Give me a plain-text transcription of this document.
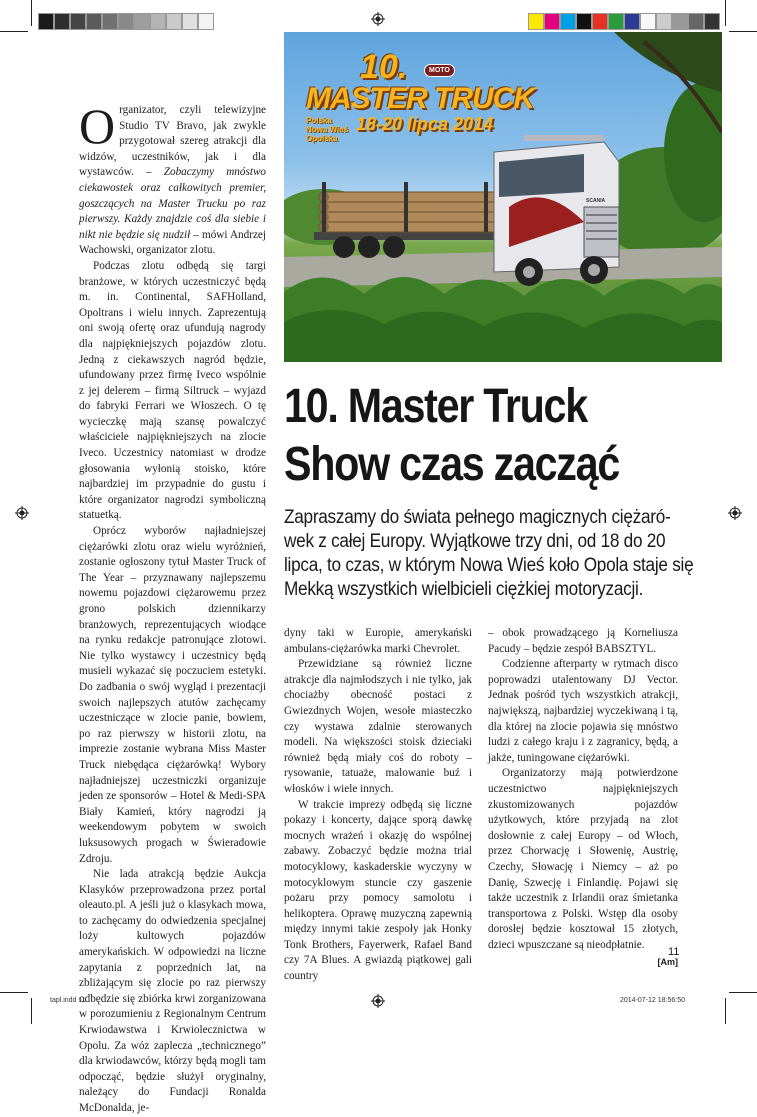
10.	MOTO
MASTER TRUCK
Polska Nowa Wieś Opolska
18-20 lipca 2014
SCANIA
10. Master Truck Show czas zacząć

Zapraszamy do świata pełnego magicznych ciężaró-wek z całej Europy. Wyjątkowe trzy dni, od 18 do 20 lipca, to czas, w którym Nowa Wieś koło Opola staje się Mekką wszystkich wielbicieli ciężkiej motoryzacji.

Organizator, czyli telewizyjne Studio TV Bravo, jak zwykle przygotował szereg atrakcji dla widzów, uczestników, jak i dla wystawców. – Zobaczymy mnóstwo ciekawostek oraz całkowitych premier, goszczących na Master Trucku po raz pierwszy. Każdy znajdzie coś dla siebie i nikt nie będzie się nudził – mówi Andrzej Wachowski, organizator zlotu.

Podczas zlotu odbędą się targi branżowe, w których uczestniczyć będą m. in. Continental, SAFHolland, Opoltrans i wielu innych. Zaprezentują oni swoją ofertę oraz ufundują nagrody dla najpiękniejszych pojazdów zlotu. Jedną z ciekawszych nagród będzie, ufundowany przez firmę Iveco wspólnie z jej delerem – firmą Siltruck – wyjazd do fabryki Ferrari we Włoszech. O tę wycieczkę mają szansę powalczyć właściciele najpiękniejszych na zlocie Iveco. Uczestnicy natomiast w drodze głosowania wyłonią stoisko, które najbardziej im przypadnie do gustu i które organizator nagrodzi symboliczną statuetką.

Oprócz wyborów najładniejszej ciężarówki zlotu oraz wielu wyróżnień, zostanie ogłoszony tytuł Master Truck of The Year – przyznawany najlepszemu nowemu pojazdowi ciężarowemu przez grono polskich dziennikarzy branżowych, reprezentujących wiodące na rynku redakcje patronujące zlotowi. Nie tylko wystawcy i uczestnicy będą musieli wykazać się poczuciem estetyki. Do zadbania o swój wygląd i prezentacji swoich najlepszych atutów zachęcamy uczestniczące w zlocie panie, bowiem, po raz pierwszy w historii zlotu, na imprezie zostanie wybrana Miss Master Truck niebędąca ciężarówką! Wybory najładniejszej uczestniczki organizuje jeden ze sponsorów – Hotel & Medi-SPA Biały Kamień, który nagrodzi ją weekendowym pobytem w swoich luksusowych progach w Świeradowie Zdroju.

Nie lada atrakcją będzie Aukcja Klasyków przeprowadzona przez portal oleauto.pl. A jeśli już o klasykach mowa, to zachęcamy do odwiedzenia specjalnej loży kultowych pojazdów amerykańskich. W odpowiedzi na liczne zapytania z poprzednich lat, na zbliżającym się zlocie po raz pierwszy odbędzie się zbiórka krwi zorganizowana w porozumieniu z Regionalnym Centrum Krwiodawstwa i Krwiolecznictwa w Opolu. Za wóz zaplecza „technicznego” dla krwiodawców, którzy będą mogli tam odpocząć, będzie służył oryginalny, należący do Fundacji Ronalda McDonalda, je-

dyny taki w Europie, amerykański ambulans-ciężarówka marki Chevrolet.

Przewidziane są również liczne atrakcje dla najmłodszych i nie tylko, jak chociażby obecność postaci z Gwiezdnych Wojen, wesołe miasteczko czy wystawa zdalnie sterowanych modeli. Na większości stoisk dzieciaki również będą miały coś do roboty – rysowanie, tatuaże, malowanie buź i włosków i wiele innych.

W trakcie imprezy odbędą się liczne pokazy i koncerty, dające sporą dawkę mocnych wrażeń i okazję do wspólnej zabawy. Zobaczyć będzie można trial motocyklowy, kaskaderskie wyczyny w motocyklowym stuncie czy gaszenie pożaru przy pomocy samolotu i helikoptera. Oprawę muzyczną zapewnią między innymi takie zespoły jak Honky Tonk Brothers, Fayerwerk, Rafael Band czy 7A Blues. A gwiazdą piątkowej gali country

– obok prowadzącego ją Korneliusza Pacudy – będzie zespół BABSZTYL.

Codzienne afterparty w rytmach disco poprowadzi utalentowany DJ Vector. Jednak pośród tych wszystkich atrakcji, największą, najbardziej wyczekiwaną i tą, dla której na zlocie pojawia się mnóstwo ludzi z całego kraju i z zagranicy, będą, a jakże, tuningowane ciężarówki.

Organizatorzy mają potwierdzone uczestnictwo najpiękniejszych zkustomizowanych pojazdów użytkowych, które przyjadą na zlot dosłownie z całej Europy – od Włoch, przez Chorwację i Słowenię, Austrię, Czechy, Słowację i Niemcy – aż po Danię, Szwecję i Finlandię. Pojawi się także uczestnik z Irlandii oraz śmietanka transportowa z Polski. Wstęp dla osoby dorosłej będzie kosztował 15 złotych, dzieci wpuszczane są nieodpłatnie.

[Am]
11
tapl.indd 11	2014-07-12 18:56:50
